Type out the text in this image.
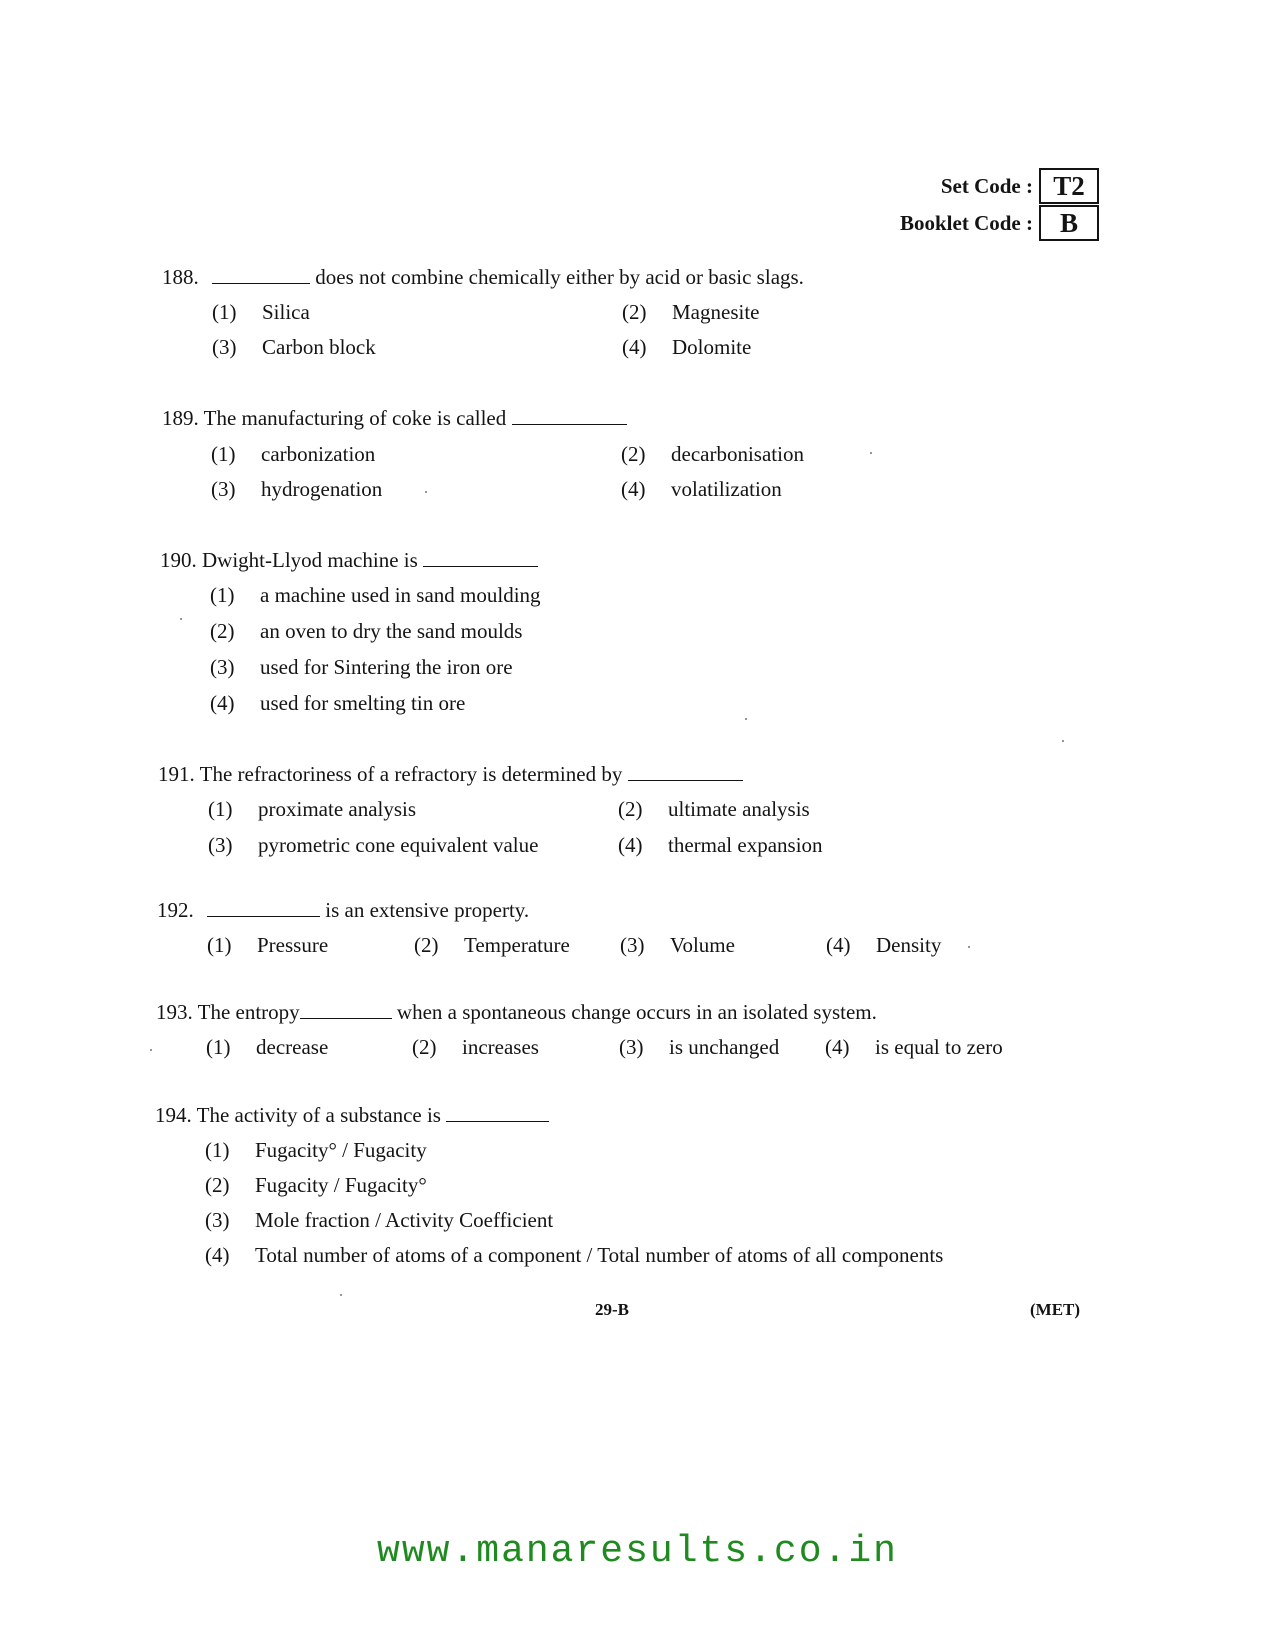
Set Code : T2
Booklet Code : B
188.	does not combine chemically either by acid or basic slags.
(1) Silica	(2) Magnesite
(3) Carbon block	(4) Dolomite
189. The manufacturing of coke is called
(1) carbonization	(2) decarbonisation
(3) hydrogenation	(4) volatilization
190. Dwight-Llyod machine is
(1) a machine used in sand moulding
(2) an oven to dry the sand moulds
(3) used for Sintering the iron ore
(4) used for smelting tin ore
191. The refractoriness of a refractory is determined by
(1) proximate analysis	(2) ultimate analysis
(3) pyrometric cone equivalent value	(4) thermal expansion
192.	is an extensive property.
(1) Pressure	(2) Temperature (3) Volume	(4) Density
193. The entropy	when a spontaneous change occurs in an isolated system.
(1) decrease	(2) increases	(3) is unchanged (4) is equal to zero
194. The activity of a substance is
(1) Fugacity° / Fugacity
(2) Fugacity / Fugacity°
(3) Mole fraction / Activity Coefficient
(4) Total number of atoms of a component / Total number of atoms of all components
29-B	(MET)
www.manaresults.co.in
